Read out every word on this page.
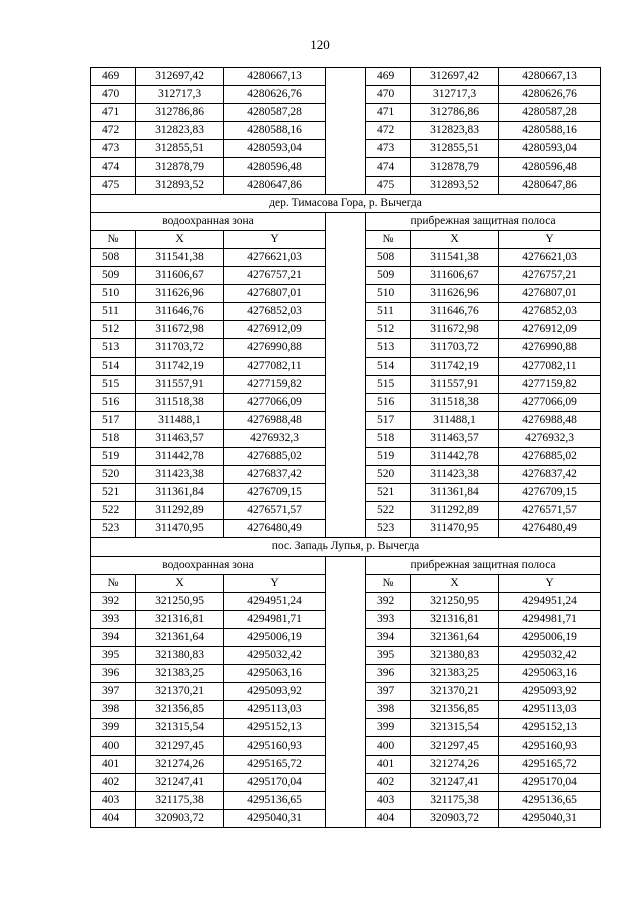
120
469	312697,42	4280667,13		469	312697,42	4280667,13
470	312717,3	4280626,76		470	312717,3	4280626,76
471	312786,86	4280587,28		471	312786,86	4280587,28
472	312823,83	4280588,16		472	312823,83	4280588,16
473	312855,51	4280593,04		473	312855,51	4280593,04
474	312878,79	4280596,48		474	312878,79	4280596,48
475	312893,52	4280647,86		475	312893,52	4280647,86
дер. Тимасова Гора, р. Вычегда						
водоохранная зона				прибрежная защитная полоса		
№	X	Y		№	X	Y
508	311541,38	4276621,03		508	311541,38	4276621,03
509	311606,67	4276757,21		509	311606,67	4276757,21
510	311626,96	4276807,01		510	311626,96	4276807,01
511	311646,76	4276852,03		511	311646,76	4276852,03
512	311672,98	4276912,09		512	311672,98	4276912,09
513	311703,72	4276990,88		513	311703,72	4276990,88
514	311742,19	4277082,11		514	311742,19	4277082,11
515	311557,91	4277159,82		515	311557,91	4277159,82
516	311518,38	4277066,09		516	311518,38	4277066,09
517	311488,1	4276988,48		517	311488,1	4276988,48
518	311463,57	4276932,3		518	311463,57	4276932,3
519	311442,78	4276885,02		519	311442,78	4276885,02
520	311423,38	4276837,42		520	311423,38	4276837,42
521	311361,84	4276709,15		521	311361,84	4276709,15
522	311292,89	4276571,57		522	311292,89	4276571,57
523	311470,95	4276480,49		523	311470,95	4276480,49
пос. Западь Лупья, р. Вычегда						
водоохранная зона				прибрежная защитная полоса		
№	X	Y		№	X	Y
392	321250,95	4294951,24		392	321250,95	4294951,24
393	321316,81	4294981,71		393	321316,81	4294981,71
394	321361,64	4295006,19		394	321361,64	4295006,19
395	321380,83	4295032,42		395	321380,83	4295032,42
396	321383,25	4295063,16		396	321383,25	4295063,16
397	321370,21	4295093,92		397	321370,21	4295093,92
398	321356,85	4295113,03		398	321356,85	4295113,03
399	321315,54	4295152,13		399	321315,54	4295152,13
400	321297,45	4295160,93		400	321297,45	4295160,93
401	321274,26	4295165,72		401	321274,26	4295165,72
402	321247,41	4295170,04		402	321247,41	4295170,04
403	321175,38	4295136,65		403	321175,38	4295136,65
404	320903,72	4295040,31		404	320903,72	4295040,31
